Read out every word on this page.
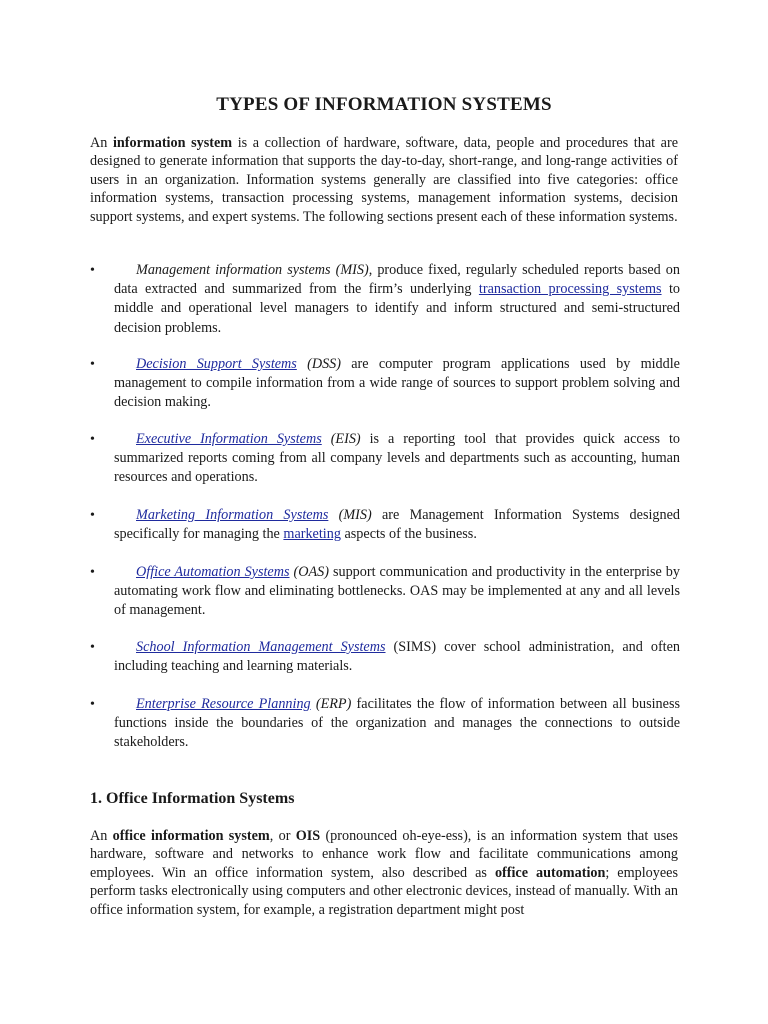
TYPES OF INFORMATION SYSTEMS

An information system is a collection of hardware, software, data, people and procedures that are designed to generate information that supports the day-to-day, short-range, and long-range activities of users in an organization. Information systems generally are classified into five categories: office information systems, transaction processing systems, management information systems, decision support systems, and expert systems. The following sections present each of these information systems.

•	Management information systems (MIS), produce fixed, regularly scheduled reports based on data extracted and summarized from the firm’s underlying transaction processing systems to middle and operational level managers to identify and inform structured and semi-structured decision problems.

•	Decision Support Systems (DSS) are computer program applications used by middle management to compile information from a wide range of sources to support problem solving and decision making.

•	Executive Information Systems (EIS) is a reporting tool that provides quick access to summarized reports coming from all company levels and departments such as accounting, human resources and operations.

•	Marketing Information Systems (MIS) are Management Information Systems designed specifically for managing the marketing aspects of the business.

•	Office Automation Systems (OAS) support communication and productivity in the enterprise by automating work flow and eliminating bottlenecks. OAS may be implemented at any and all levels of management.

•	School Information Management Systems (SIMS) cover school administration, and often including teaching and learning materials.

•	Enterprise Resource Planning (ERP) facilitates the flow of information between all business functions inside the boundaries of the organization and manages the connections to outside stakeholders.

1. Office Information Systems

An office information system, or OIS (pronounced oh-eye-ess), is an information system that uses hardware, software and networks to enhance work flow and facilitate communications among employees. Win an office information system, also described as office automation; employees perform tasks electronically using computers and other electronic devices, instead of manually. With an office information system, for example, a registration department might post
